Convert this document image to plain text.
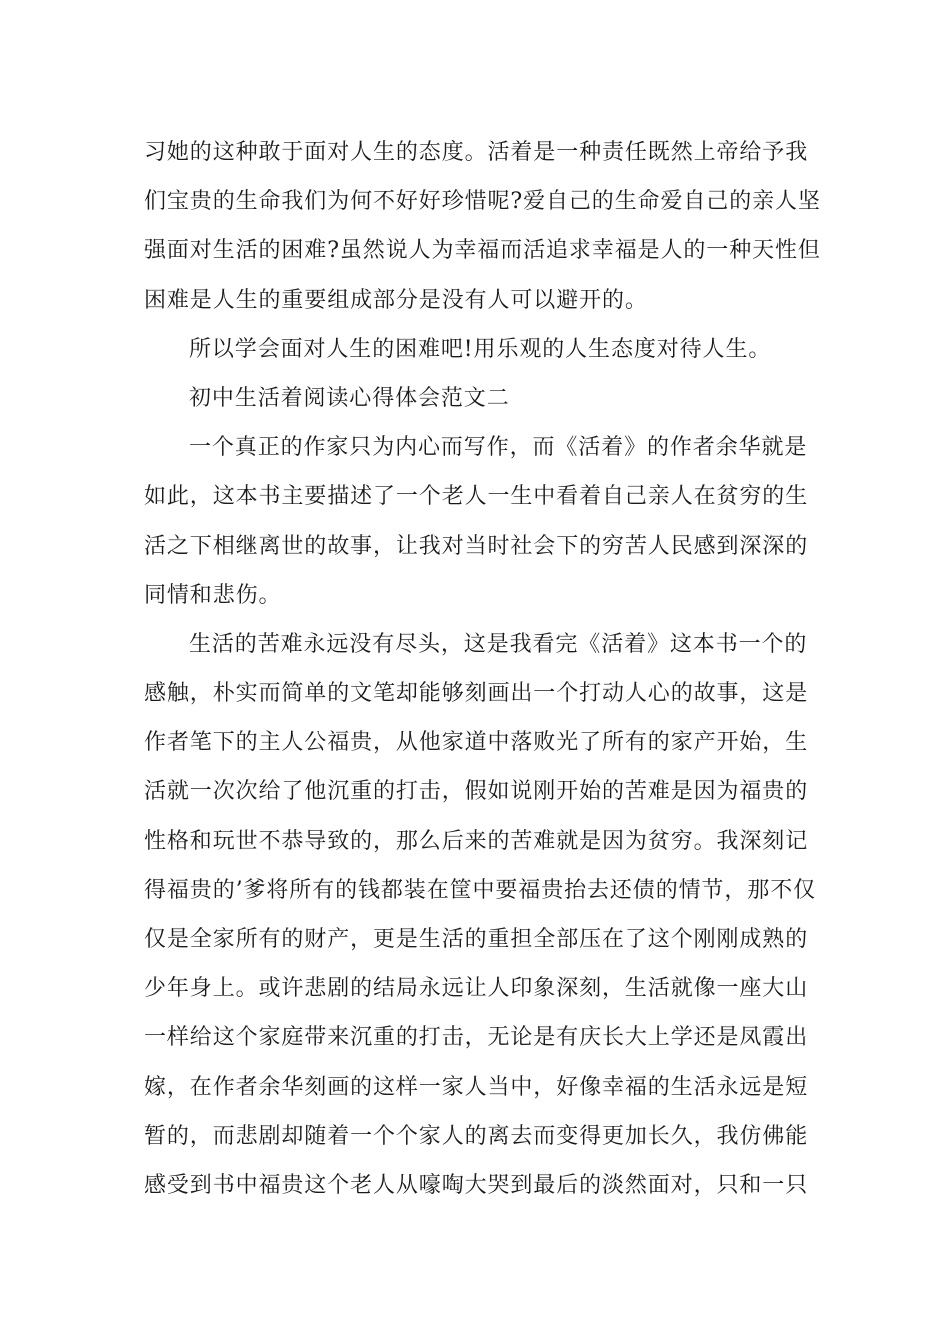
习她的这种敢于面对人生的态度。活着是一种责任既然上帝给予我
们宝贵的生命我们为何不好好珍惜呢?爱自己的生命爱自己的亲人坚
强面对生活的困难?虽然说人为幸福而活追求幸福是人的一种天性但
困难是人生的重要组成部分是没有人可以避开的。
所以学会面对人生的困难吧!用乐观的人生态度对待人生。
初中生活着阅读心得体会范文二
一个真正的作家只为内心而写作，而《活着》的作者余华就是
如此，这本书主要描述了一个老人一生中看着自己亲人在贫穷的生
活之下相继离世的故事，让我对当时社会下的穷苦人民感到深深的
同情和悲伤。
生活的苦难永远没有尽头，这是我看完《活着》这本书一个的
感触，朴实而简单的文笔却能够刻画出一个打动人心的故事，这是
作者笔下的主人公福贵，从他家道中落败光了所有的家产开始，生
活就一次次给了他沉重的打击，假如说刚开始的苦难是因为福贵的
性格和玩世不恭导致的，那么后来的苦难就是因为贫穷。我深刻记
得福贵的’爹将所有的钱都装在筐中要福贵抬去还债的情节，那不仅
仅是全家所有的财产，更是生活的重担全部压在了这个刚刚成熟的
少年身上。或许悲剧的结局永远让人印象深刻，生活就像一座大山
一样给这个家庭带来沉重的打击，无论是有庆长大上学还是凤霞出
嫁，在作者余华刻画的这样一家人当中，好像幸福的生活永远是短
暂的，而悲剧却随着一个个家人的离去而变得更加长久，我仿佛能
感受到书中福贵这个老人从嚎啕大哭到最后的淡然面对，只和一只
